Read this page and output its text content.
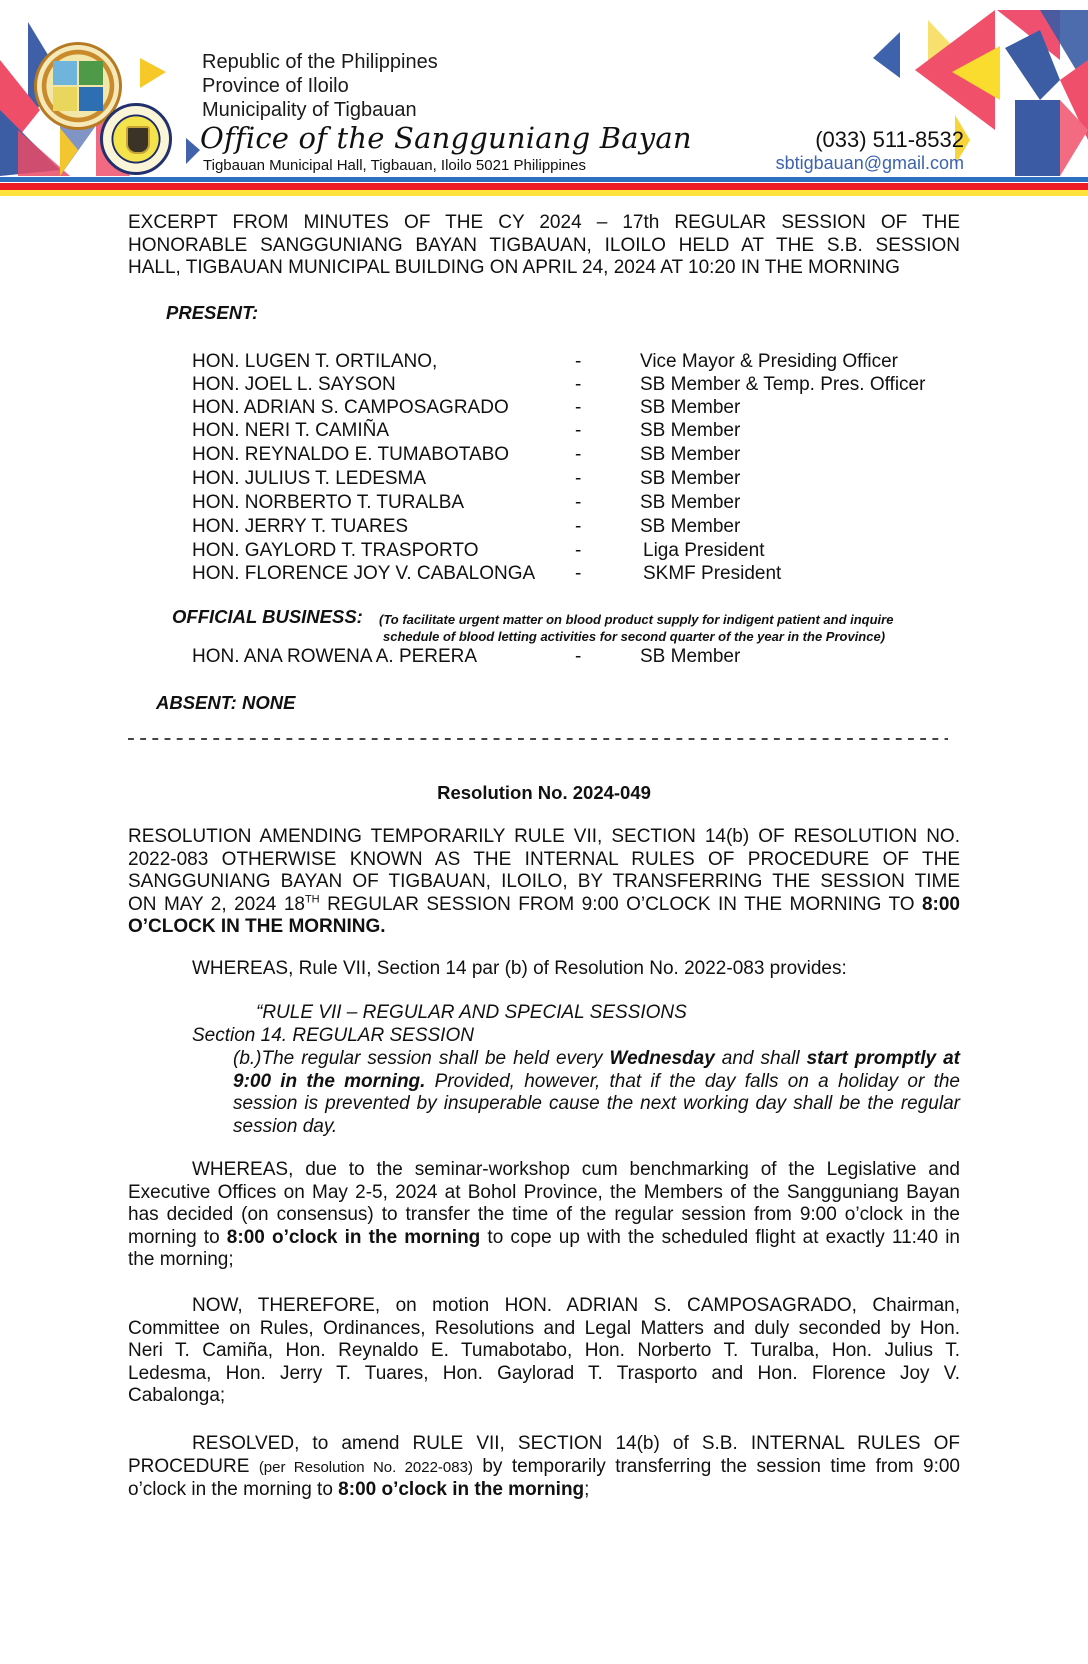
Republic of the Philippines
Province of Iloilo
Municipality of Tigbauan
Office of the Sangguniang Bayan
Tigbauan Municipal Hall, Tigbauan, Iloilo 5021 Philippines
(033) 511-8532
sbtigbauan@gmail.com
EXCERPT FROM MINUTES OF THE CY 2024 – 17th REGULAR SESSION OF THE
HONORABLE SANGGUNIANG BAYAN TIGBAUAN, ILOILO HELD AT THE S.B. SESSION
HALL, TIGBAUAN MUNICIPAL BUILDING ON APRIL 24, 2024 AT 10:20 IN THE MORNING
PRESENT:
HON. LUGEN T. ORTILANO,	-	Vice Mayor & Presiding Officer
HON. JOEL L. SAYSON	-	SB Member & Temp. Pres. Officer
HON. ADRIAN S. CAMPOSAGRADO	-	SB Member
HON. NERI T. CAMIÑA	-	SB Member
HON. REYNALDO E. TUMABOTABO	-	SB Member
HON. JULIUS T. LEDESMA	-	SB Member
HON. NORBERTO T. TURALBA	-	SB Member
HON. JERRY T. TUARES	-	SB Member
HON. GAYLORD T. TRASPORTO	-	Liga President
HON. FLORENCE JOY V. CABALONGA -	SKMF President
OFFICIAL BUSINESS: (To facilitate urgent matter on blood product supply for indigent patient and inquire
schedule of blood letting activities for second quarter of the year in the Province)
HON. ANA ROWENA A. PERERA	-	SB Member
ABSENT: NONE
Resolution No. 2024-049
RESOLUTION AMENDING TEMPORARILY RULE VII, SECTION 14(b) OF RESOLUTION NO.
2022-083 OTHERWISE KNOWN AS THE INTERNAL RULES OF PROCEDURE OF THE
SANGGUNIANG BAYAN OF TIGBAUAN, ILOILO, BY TRANSFERRING THE SESSION TIME
ON MAY 2, 2024 18TH REGULAR SESSION FROM 9:00 O’CLOCK IN THE MORNING TO 8:00
O’CLOCK IN THE MORNING.
WHEREAS, Rule VII, Section 14 par (b) of Resolution No. 2022-083 provides:
“RULE VII – REGULAR AND SPECIAL SESSIONS
Section 14. REGULAR SESSION
(b.)The regular session shall be held every Wednesday and shall start promptly at
9:00 in the morning. Provided, however, that if the day falls on a holiday or the
session is prevented by insuperable cause the next working day shall be the regular
session day.
WHEREAS, due to the seminar-workshop cum benchmarking of the Legislative and
Executive Offices on May 2-5, 2024 at Bohol Province, the Members of the Sangguniang Bayan
has decided (on consensus) to transfer the time of the regular session from 9:00 o’clock in the
morning to 8:00 o’clock in the morning to cope up with the scheduled flight at exactly 11:40 in
the morning;
NOW, THEREFORE, on motion HON. ADRIAN S. CAMPOSAGRADO, Chairman,
Committee on Rules, Ordinances, Resolutions and Legal Matters and duly seconded by Hon.
Neri T. Camiña, Hon. Reynaldo E. Tumabotabo, Hon. Norberto T. Turalba, Hon. Julius T.
Ledesma, Hon. Jerry T. Tuares, Hon. Gaylorad T. Trasporto and Hon. Florence Joy V.
Cabalonga;
RESOLVED, to amend RULE VII, SECTION 14(b) of S.B. INTERNAL RULES OF
PROCEDURE (per Resolution No. 2022-083) by temporarily transferring the session time from 9:00
o’clock in the morning to 8:00 o’clock in the morning;
